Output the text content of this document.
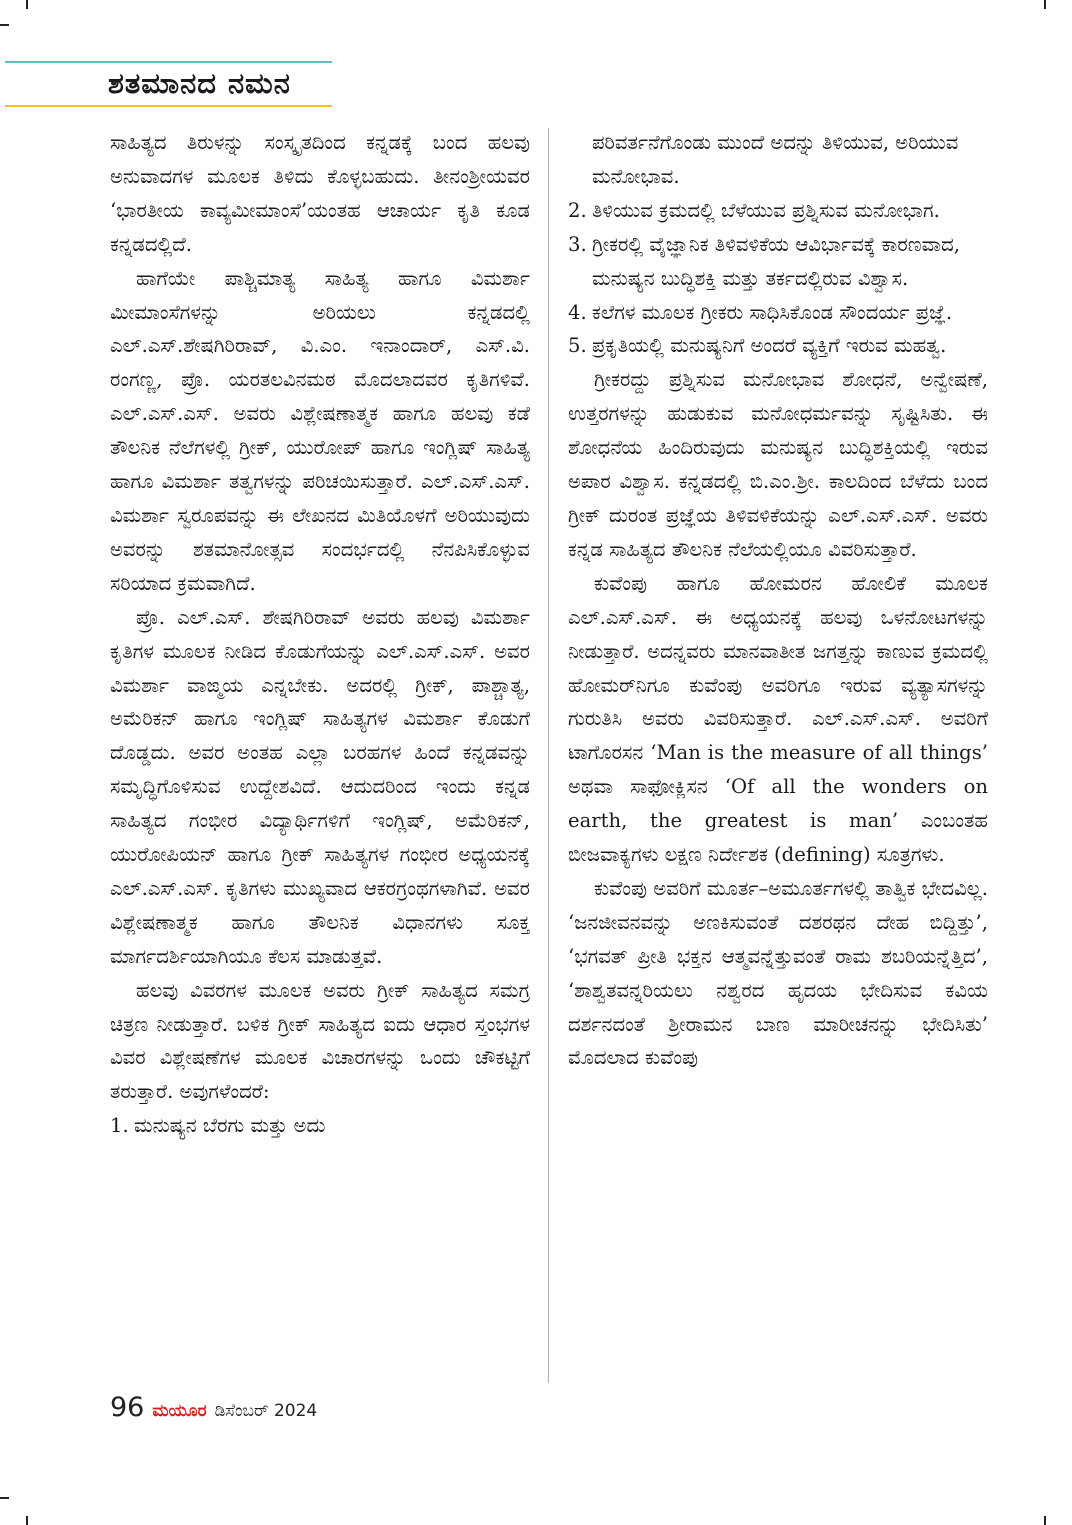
ಶತಮಾನದ ನಮನ

ಸಾಹಿತ್ಯದ ತಿರುಳನ್ನು ಸಂಸ್ಕೃತದಿಂದ ಕನ್ನಡಕ್ಕೆ ಬಂದ ಹಲವು ಅನುವಾದಗಳ ಮೂಲಕ ತಿಳಿದು ಕೊಳ್ಳಬಹುದು. ತೀನಂಶ್ರೀಯವರ ‘ಭಾರತೀಯ ಕಾವ್ಯಮೀಮಾಂಸೆ’ಯಂತಹ ಆಚಾರ್ಯ ಕೃತಿ ಕೂಡ ಕನ್ನಡದಲ್ಲಿದೆ.

ಹಾಗೆಯೇ ಪಾಶ್ಚಿಮಾತ್ಯ ಸಾಹಿತ್ಯ ಹಾಗೂ ವಿಮರ್ಶಾ ಮೀಮಾಂಸೆಗಳನ್ನು ಅರಿಯಲು ಕನ್ನಡದಲ್ಲಿ ಎಲ್.ಎಸ್.ಶೇಷಗಿರಿರಾವ್, ವಿ.ಎಂ. ಇನಾಂದಾರ್, ಎಸ್.ವಿ. ರಂಗಣ್ಣ, ಪ್ರೊ. ಯರತಲವಿನಮಠ ಮೊದಲಾದವರ ಕೃತಿಗಳಿವೆ. ಎಲ್.ಎಸ್.ಎಸ್. ಅವರು ವಿಶ್ಲೇಷಣಾತ್ಮಕ ಹಾಗೂ ಹಲವು ಕಡೆ ತೌಲನಿಕ ನೆಲೆಗಳಲ್ಲಿ ಗ್ರೀಕ್, ಯುರೋಪ್ ಹಾಗೂ ಇಂಗ್ಲಿಷ್ ಸಾಹಿತ್ಯ ಹಾಗೂ ವಿಮರ್ಶಾ ತತ್ವಗಳನ್ನು ಪರಿಚಯಿಸುತ್ತಾರೆ. ಎಲ್.ಎಸ್.ಎಸ್. ವಿಮರ್ಶಾ ಸ್ವರೂಪವನ್ನು ಈ ಲೇಖನದ ಮಿತಿಯೊಳಗೆ ಅರಿಯುವುದು ಅವರನ್ನು ಶತಮಾನೋತ್ಸವ ಸಂದರ್ಭದಲ್ಲಿ ನೆನಪಿಸಿಕೊಳ್ಳುವ ಸರಿಯಾದ ಕ್ರಮವಾಗಿದೆ.

ಪ್ರೊ. ಎಲ್.ಎಸ್. ಶೇಷಗಿರಿರಾವ್ ಅವರು ಹಲವು ವಿಮರ್ಶಾ ಕೃತಿಗಳ ಮೂಲಕ ನೀಡಿದ ಕೊಡುಗೆಯನ್ನು ಎಲ್.ಎಸ್.ಎಸ್. ಅವರ ವಿಮರ್ಶಾ ವಾಙ್ಮಯ ಎನ್ನಬೇಕು. ಅದರಲ್ಲಿ ಗ್ರೀಕ್, ಪಾಶ್ಚಾತ್ಯ, ಅಮೆರಿಕನ್ ಹಾಗೂ ಇಂಗ್ಲಿಷ್ ಸಾಹಿತ್ಯಗಳ ವಿಮರ್ಶಾ ಕೊಡುಗೆ ದೊಡ್ಡದು. ಅವರ ಅಂತಹ ಎಲ್ಲಾ ಬರಹಗಳ ಹಿಂದೆ ಕನ್ನಡವನ್ನು ಸಮೃದ್ಧಿಗೊಳಿಸುವ ಉದ್ದೇಶವಿದೆ. ಆದುದರಿಂದ ಇಂದು ಕನ್ನಡ ಸಾಹಿತ್ಯದ ಗಂಭೀರ ವಿದ್ಯಾರ್ಥಿಗಳಿಗೆ ಇಂಗ್ಲಿಷ್, ಅಮೆರಿಕನ್, ಯುರೋಪಿಯನ್ ಹಾಗೂ ಗ್ರೀಕ್ ಸಾಹಿತ್ಯಗಳ ಗಂಭೀರ ಅಧ್ಯಯನಕ್ಕೆ ಎಲ್.ಎಸ್.ಎಸ್. ಕೃತಿಗಳು ಮುಖ್ಯವಾದ ಆಕರಗ್ರಂಥಗಳಾಗಿವೆ. ಅವರ ವಿಶ್ಲೇಷಣಾತ್ಮಕ ಹಾಗೂ ತೌಲನಿಕ ವಿಧಾನಗಳು ಸೂಕ್ತ ಮಾರ್ಗದರ್ಶಿಯಾಗಿಯೂ ಕೆಲಸ ಮಾಡುತ್ತವೆ.

ಹಲವು ವಿವರಗಳ ಮೂಲಕ ಅವರು ಗ್ರೀಕ್ ಸಾಹಿತ್ಯದ ಸಮಗ್ರ ಚಿತ್ರಣ ನೀಡುತ್ತಾರೆ. ಬಳಿಕ ಗ್ರೀಕ್ ಸಾಹಿತ್ಯದ ಐದು ಆಧಾರ ಸ್ತಂಭಗಳ ವಿವರ ವಿಶ್ಲೇಷಣೆಗಳ ಮೂಲಕ ವಿಚಾರಗಳನ್ನು ಒಂದು ಚೌಕಟ್ಟಿಗೆ ತರುತ್ತಾರೆ. ಅವುಗಳೆಂದರೆ:

1. ಮನುಷ್ಯನ ಬೆರಗು ಮತ್ತು ಅದು
ಪರಿವರ್ತನೆಗೊಂಡು ಮುಂದೆ ಅದನ್ನು ತಿಳಿಯುವ, ಅರಿಯುವ ಮನೋಭಾವ.
2. ತಿಳಿಯುವ ಕ್ರಮದಲ್ಲಿ ಬೆಳೆಯುವ ಪ್ರಶ್ನಿಸುವ ಮನೋಭಾಗ.
3. ಗ್ರೀಕರಲ್ಲಿ ವೈಜ್ಞಾನಿಕ ತಿಳಿವಳಿಕೆಯ ಆವಿರ್ಭಾವಕ್ಕೆ ಕಾರಣವಾದ, ಮನುಷ್ಯನ ಬುದ್ಧಿಶಕ್ತಿ ಮತ್ತು ತರ್ಕದಲ್ಲಿರುವ ವಿಶ್ವಾಸ.
4. ಕಲೆಗಳ ಮೂಲಕ ಗ್ರೀಕರು ಸಾಧಿಸಿಕೊಂಡ ಸೌಂದರ್ಯ ಪ್ರಜ್ಞೆ.
5. ಪ್ರಕೃತಿಯಲ್ಲಿ ಮನುಷ್ಯನಿಗೆ ಅಂದರೆ ವ್ಯಕ್ತಿಗೆ ಇರುವ ಮಹತ್ವ.

ಗ್ರೀಕರದ್ದು ಪ್ರಶ್ನಿಸುವ ಮನೋಭಾವ ಶೋಧನೆ, ಅನ್ವೇಷಣೆ, ಉತ್ತರಗಳನ್ನು ಹುಡುಕುವ ಮನೋಧರ್ಮವನ್ನು ಸೃಷ್ಟಿಸಿತು. ಈ ಶೋಧನೆಯ ಹಿಂದಿರುವುದು ಮನುಷ್ಯನ ಬುದ್ಧಿಶಕ್ತಿಯಲ್ಲಿ ಇರುವ ಅಪಾರ ವಿಶ್ವಾಸ. ಕನ್ನಡದಲ್ಲಿ ಬಿ.ಎಂ.ಶ್ರೀ. ಕಾಲದಿಂದ ಬೆಳೆದು ಬಂದ ಗ್ರೀಕ್ ದುರಂತ ಪ್ರಜ್ಞೆಯ ತಿಳಿವಳಿಕೆಯನ್ನು ಎಲ್.ಎಸ್.ಎಸ್. ಅವರು ಕನ್ನಡ ಸಾಹಿತ್ಯದ ತೌಲನಿಕ ನೆಲೆಯಲ್ಲಿಯೂ ವಿವರಿಸುತ್ತಾರೆ.

ಕುವೆಂಪು ಹಾಗೂ ಹೋಮರನ ಹೋಲಿಕೆ ಮೂಲಕ ಎಲ್.ಎಸ್.ಎಸ್. ಈ ಅಧ್ಯಯನಕ್ಕೆ ಹಲವು ಒಳನೋಟಗಳನ್ನು ನೀಡುತ್ತಾರೆ. ಅದನ್ನವರು ಮಾನವಾತೀತ ಜಗತ್ತನ್ನು ಕಾಣುವ ಕ್ರಮದಲ್ಲಿ ಹೋಮರ್‌ನಿಗೂ ಕುವೆಂಪು ಅವರಿಗೂ ಇರುವ ವ್ಯತ್ಯಾಸಗಳನ್ನು ಗುರುತಿಸಿ ಅವರು ವಿವರಿಸುತ್ತಾರೆ. ಎಲ್.ಎಸ್.ಎಸ್. ಅವರಿಗೆ ಟಾಗೊರಸನ ‘Man is the measure of all things’ ಅಥವಾ ಸಾಫೋಕ್ಲಿಸನ ‘Of all the wonders on earth, the greatest is man’ ಎಂಬಂತಹ ಬೀಜವಾಕ್ಯಗಳು ಲಕ್ಷಣ ನಿರ್ದೇಶಕ (defining) ಸೂತ್ರಗಳು.

ಕುವೆಂಪು ಅವರಿಗೆ ಮೂರ್ತ–ಅಮೂರ್ತಗಳಲ್ಲಿ ತಾತ್ವಿಕ ಭೇದವಿಲ್ಲ. ‘ಜನಜೀವನವನ್ನು ಅಣಕಿಸುವಂತೆ ದಶರಥನ ದೇಹ ಬಿದ್ದಿತ್ತು’, ‘ಭಗವತ್ ಪ್ರೀತಿ ಭಕ್ತನ ಆತ್ಮವನ್ನೆತ್ತುವಂತೆ ರಾಮ ಶಬರಿಯನ್ನೆತ್ತಿದ’, ‘ಶಾಶ್ವತವನ್ನರಿಯಲು ನಶ್ವರದ ಹೃದಯ ಭೇದಿಸುವ ಕವಿಯ ದರ್ಶನದಂತೆ ಶ್ರೀರಾಮನ ಬಾಣ ಮಾರೀಚನನ್ನು ಭೇದಿಸಿತು’ ಮೊದಲಾದ ಕುವೆಂಪು

96 ಮಯೂರ ಡಿಸೆಂಬರ್ 2024
